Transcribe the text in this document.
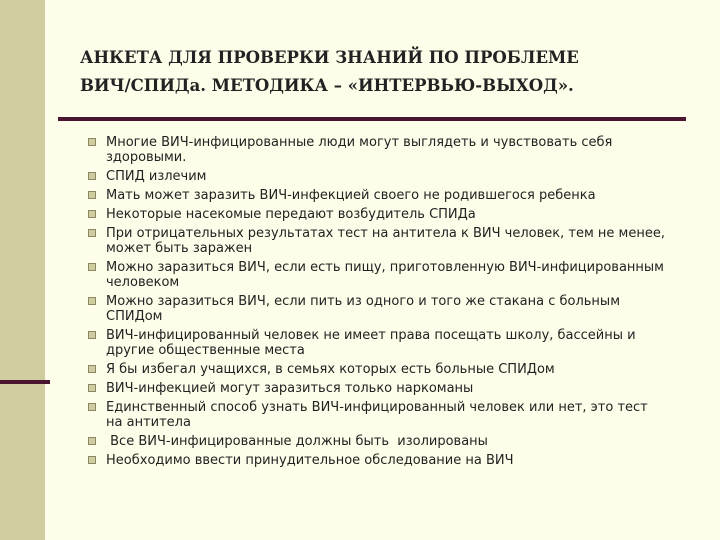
АНКЕТА ДЛЯ ПРОВЕРКИ ЗНАНИЙ ПО ПРОБЛЕМЕ
ВИЧ/СПИДа. МЕТОДИКА – «ИНТЕРВЬЮ-ВЫХОД».
Многие ВИЧ-инфицированные люди могут выглядеть и чувствовать себя здоровыми.
СПИД излечим
Мать может заразить ВИЧ-инфекцией своего не родившегося ребенка
Некоторые насекомые передают возбудитель СПИДа
При отрицательных результатах тест на антитела к ВИЧ человек, тем не менее, может быть заражен
Можно заразиться ВИЧ, если есть пищу, приготовленную ВИЧ-инфицированным человеком
Можно заразиться ВИЧ, если пить из одного и того же стакана с больным СПИДом
ВИЧ-инфицированный человек не имеет права посещать школу, бассейны и другие общественные места
Я бы избегал учащихся, в семьях которых есть больные СПИДом
ВИЧ-инфекцией могут заразиться только наркоманы
Единственный способ узнать ВИЧ-инфицированный человек или нет, это тест на антитела
Все ВИЧ-инфицированные должны быть  изолированы
Необходимо ввести принудительное обследование на ВИЧ
